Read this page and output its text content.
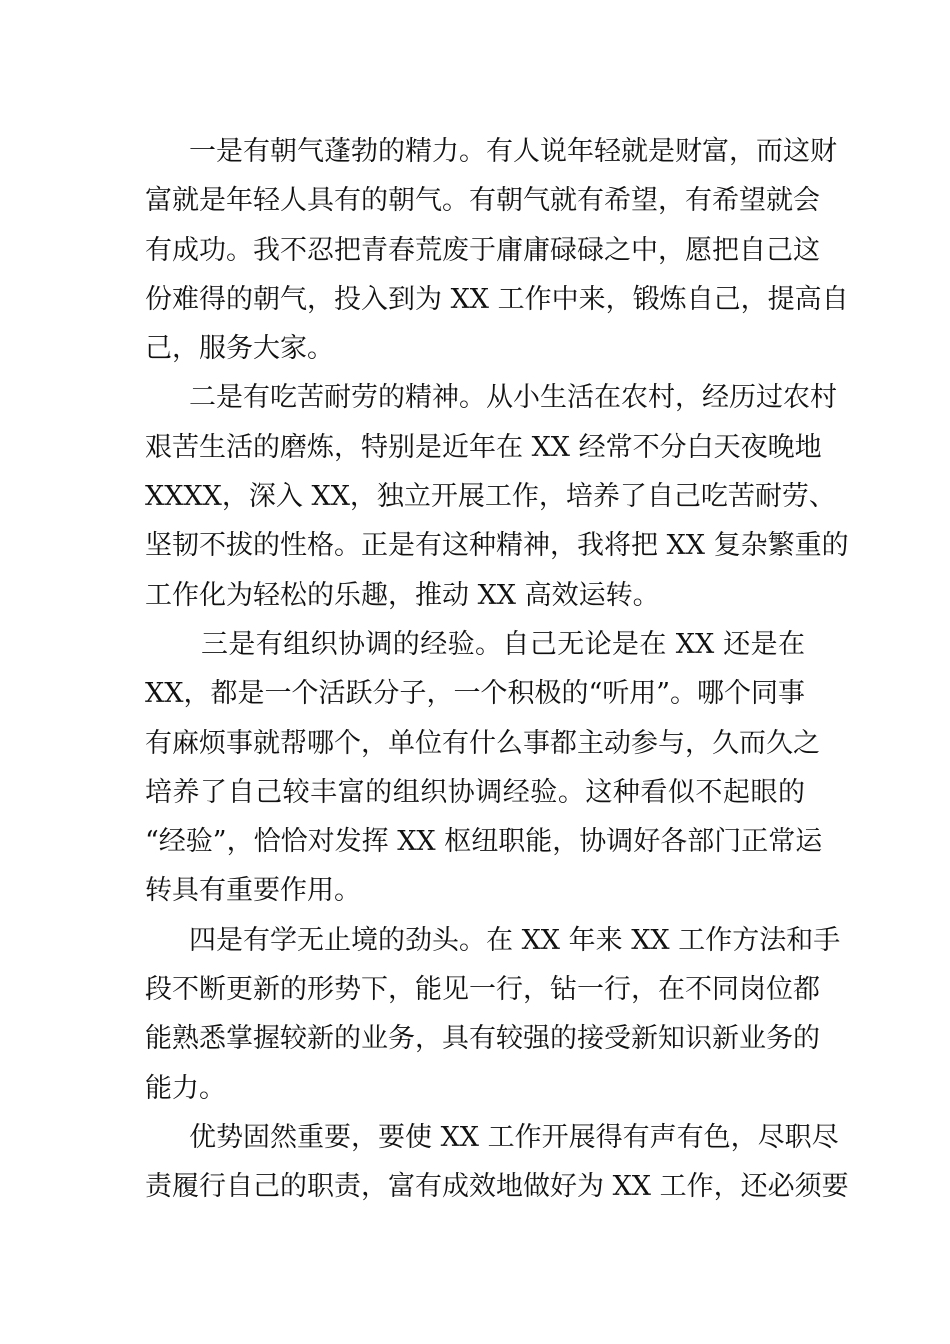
一是有朝气蓬勃的精力。有人说年轻就是财富，而这财
富就是年轻人具有的朝气。有朝气就有希望，有希望就会
有成功。我不忍把青春荒废于庸庸碌碌之中，愿把自己这
份难得的朝气，投入到为 XX 工作中来，锻炼自己，提高自
己，服务大家。
二是有吃苦耐劳的精神。从小生活在农村，经历过农村
艰苦生活的磨炼，特别是近年在 XX 经常不分白天夜晚地
XXXX，深入 XX，独立开展工作，培养了自己吃苦耐劳、
坚韧不拔的性格。正是有这种精神，我将把 XX 复杂繁重的
工作化为轻松的乐趣，推动 XX 高效运转。
三是有组织协调的经验。自己无论是在 XX 还是在
XX，都是一个活跃分子，一个积极的“听用”。哪个同事
有麻烦事就帮哪个，单位有什么事都主动参与，久而久之
培养了自己较丰富的组织协调经验。这种看似不起眼的
“经验”，恰恰对发挥 XX 枢纽职能，协调好各部门正常运
转具有重要作用。
四是有学无止境的劲头。在 XX 年来 XX 工作方法和手
段不断更新的形势下，能见一行，钻一行，在不同岗位都
能熟悉掌握较新的业务，具有较强的接受新知识新业务的
能力。
优势固然重要，要使 XX 工作开展得有声有色，尽职尽
责履行自己的职责，富有成效地做好为 XX 工作，还必须要
